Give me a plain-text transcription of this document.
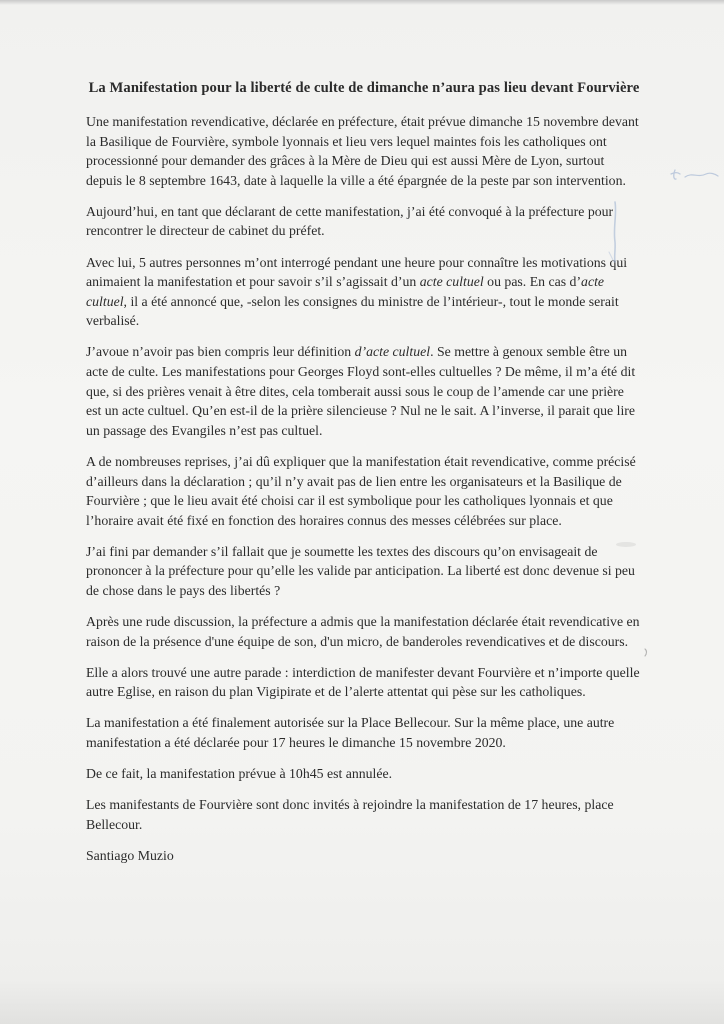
La Manifestation pour la liberté de culte de dimanche n’aura pas lieu devant Fourvière

Une manifestation revendicative, déclarée en préfecture, était prévue dimanche 15 novembre devant la Basilique de Fourvière, symbole lyonnais et lieu vers lequel maintes fois les catholiques ont processionné pour demander des grâces à la Mère de Dieu qui est aussi Mère de Lyon, surtout depuis le 8 septembre 1643, date à laquelle la ville a été épargnée de la peste par son intervention.

Aujourd’hui, en tant que déclarant de cette manifestation, j’ai été convoqué à la préfecture pour rencontrer le directeur de cabinet du préfet.

Avec lui, 5 autres personnes m’ont interrogé pendant une heure pour connaître les motivations qui animaient la manifestation et pour savoir s’il s’agissait d’un acte cultuel ou pas. En cas d’acte cultuel, il a été annoncé que, -selon les consignes du ministre de l’intérieur-, tout le monde serait verbalisé.

J’avoue n’avoir pas bien compris leur définition d’acte cultuel. Se mettre à genoux semble être un acte de culte. Les manifestations pour Georges Floyd sont-elles cultuelles ? De même, il m’a été dit que, si des prières venait à être dites, cela tomberait aussi sous le coup de l’amende car une prière est un acte cultuel. Qu’en est-il de la prière silencieuse ? Nul ne le sait. A l’inverse, il parait que lire un passage des Evangiles n’est pas cultuel.

A de nombreuses reprises, j’ai dû expliquer que la manifestation était revendicative, comme précisé d’ailleurs dans la déclaration ; qu’il n’y avait pas de lien entre les organisateurs et la Basilique de Fourvière ; que le lieu avait été choisi car il est symbolique pour les catholiques lyonnais et que l’horaire avait été fixé en fonction des horaires connus des messes célébrées sur place.

J’ai fini par demander s’il fallait que je soumette les textes des discours qu’on envisageait de prononcer à la préfecture pour qu’elle les valide par anticipation. La liberté est donc devenue si peu de chose dans le pays des libertés ?

Après une rude discussion, la préfecture a admis que la manifestation déclarée était revendicative en raison de la présence d'une équipe de son, d'un micro, de banderoles revendicatives et de discours.

Elle a alors trouvé une autre parade : interdiction de manifester devant Fourvière et n’importe quelle autre Eglise, en raison du plan Vigipirate et de l’alerte attentat qui pèse sur les catholiques.

La manifestation a été finalement autorisée sur la Place Bellecour. Sur la même place, une autre manifestation a été déclarée pour 17 heures le dimanche 15 novembre 2020.

De ce fait, la manifestation prévue à 10h45 est annulée.

Les manifestants de Fourvière sont donc invités à rejoindre la manifestation de 17 heures, place Bellecour.

Santiago Muzio
